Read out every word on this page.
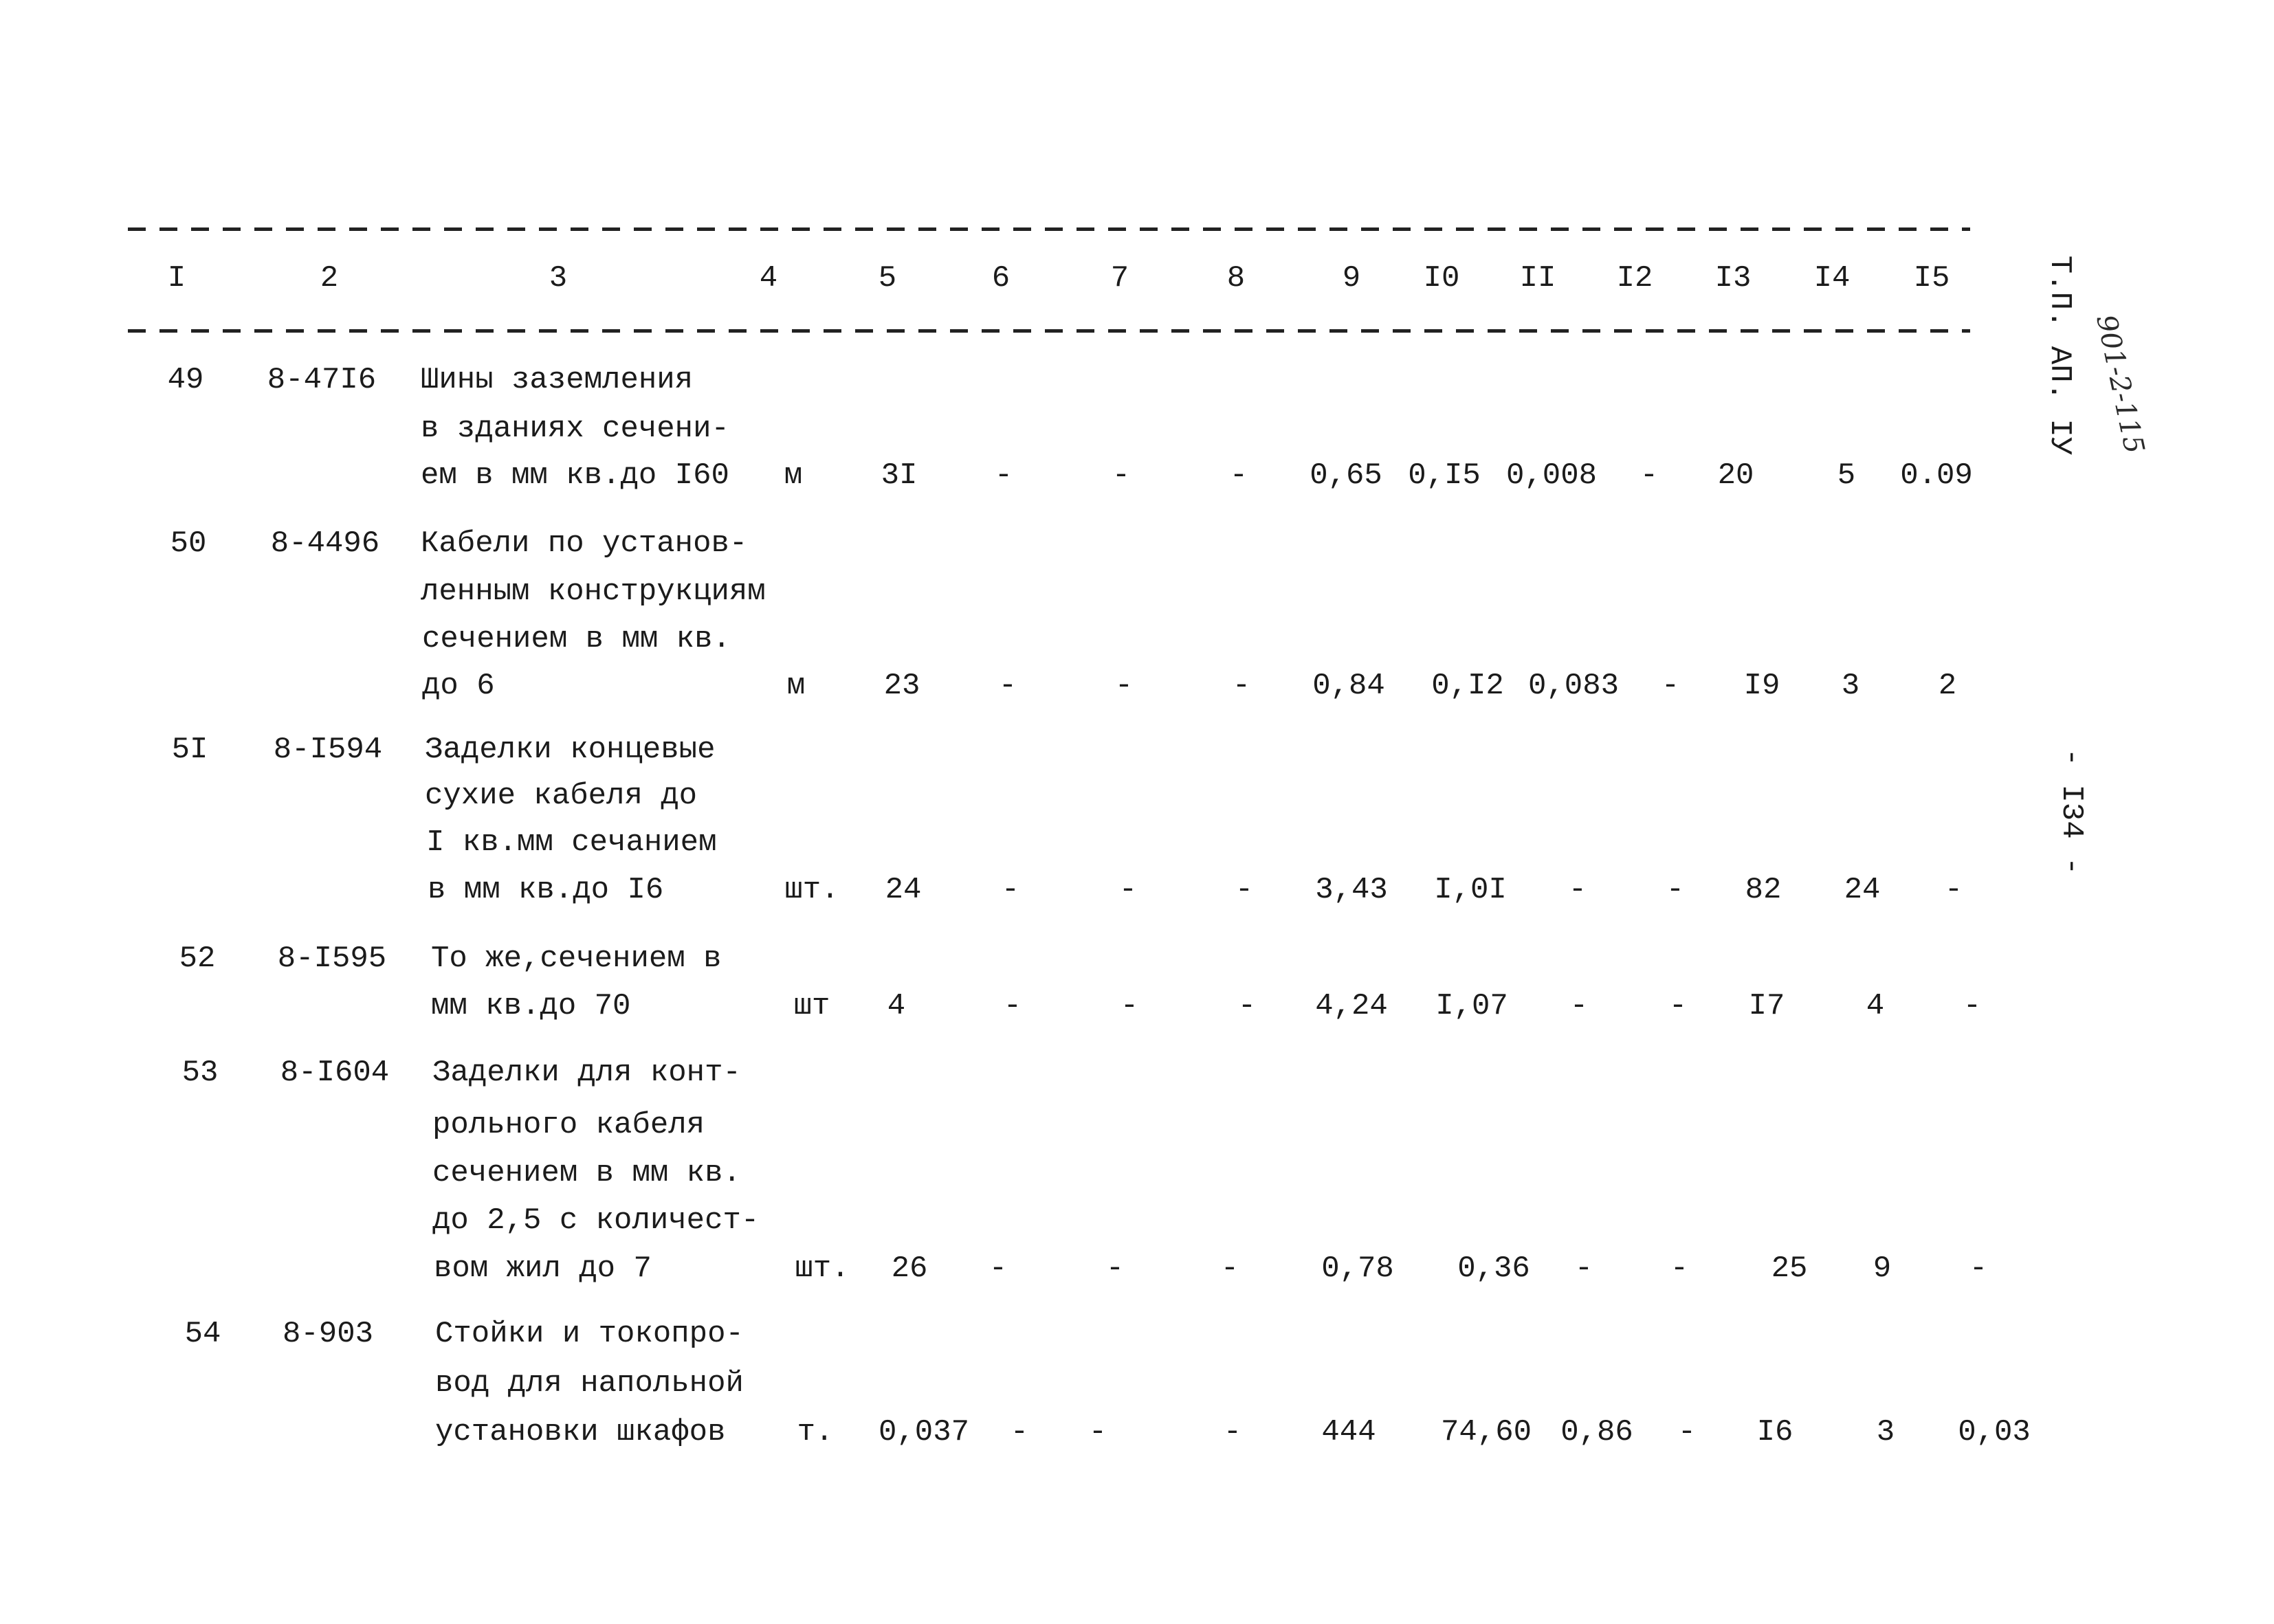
I	2	3	4	5	6	7	8	9 I0 II I2 I3 I4 I5
49 8-47I6 Шины заземления
в зданиях сечени-
ем в мм кв.до I60 м	3I	-	-	- 0,65 0,I5 0,008 - 20	5 0.09
50 8-4496 Кабели по установ-
ленным конструкциям
сечением в мм кв.
до 6	м	23	-	-	- 0,84 0,I2 0,083 - I9 3	2
5I 8-I594 Заделки концевые
сухие кабеля до
I кв.мм сечанием
в мм кв.до I6	шт. 24	-	-	- 3,43 I,0I -	- 82 24 -
52 8-I595 То же,сечением в
мм кв.до 70	шт 4	-	-	- 4,24 I,07 -	- I7	4	-
53 8-I604 Заделки для конт-
рольного кабеля
сечением в мм кв.
до 2,5 с количест-
вом жил до 7	шт. 26 -	-	-	0,78 0,36 -	-	25 9	-
54 8-903 Стойки и токопро-
вод для напольной
установки шкафов т. 0,037 - -	-	444 74,60 0,86 - I6	3 0,03
Т.П. АП. IУ 901-2-115
- I34 -
